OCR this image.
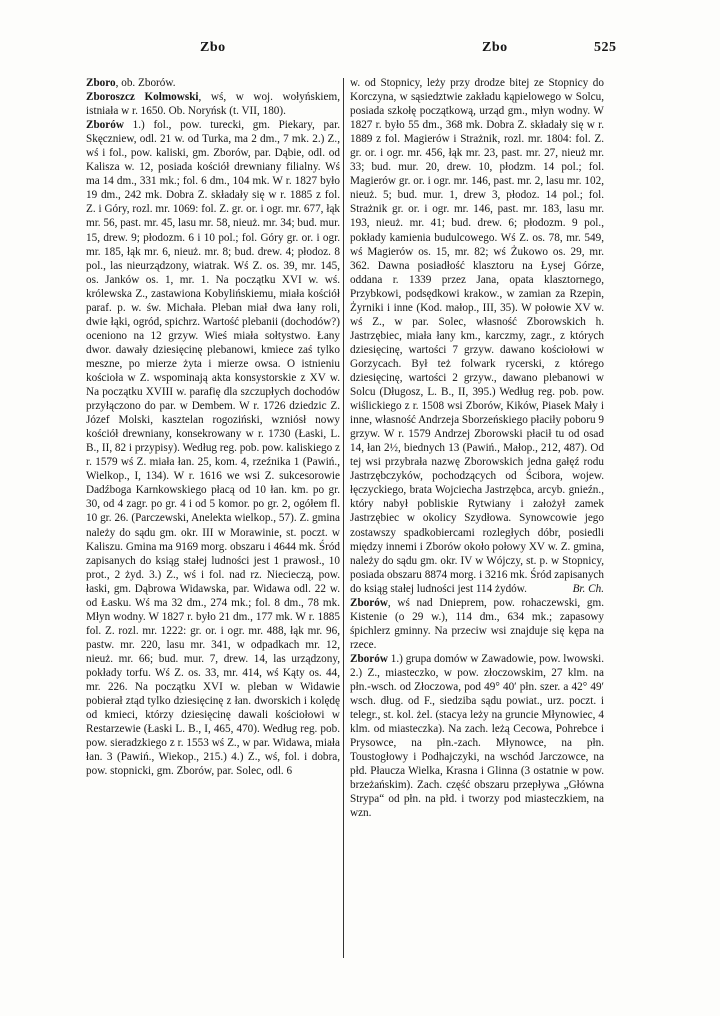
Zbo	Zbo	525

Zboro, ob. Zborów.

Zboroszcz Kolmowski, wś, w woj. wołyńskiem, istniała w r. 1650. Ob. Noryńsk (t. VII, 180).

Zborów 1.) fol., pow. turecki, gm. Piekary, par. Skęczniew, odl. 21 w. od Turka, ma 2 dm., 7 mk. 2.) Z., wś i fol., pow. kaliski, gm. Zborów, par. Dąbie, odl. od Kalisza w. 12, posiada kościół drewniany filialny. Wś ma 14 dm., 331 mk.; fol. 6 dm., 104 mk. W r. 1827 było 19 dm., 242 mk. Dobra Z. składały się w r. 1885 z fol. Z. i Góry, rozl. mr. 1069: fol. Z. gr. or. i ogr. mr. 677, łąk mr. 56, past. mr. 45, lasu mr. 58, nieuż. mr. 34; bud. mur. 15, drew. 9; płodozm. 6 i 10 pol.; fol. Góry gr. or. i ogr. mr. 185, łąk mr. 6, nieuż. mr. 8; bud. drew. 4; płodoz. 8 pol., las nieurządzony, wiatrak. Wś Z. os. 39, mr. 145, os. Janków os. 1, mr. 1. Na początku XVI w. wś. królewska Z., zastawiona Kobylińskiemu, miała kościół paraf. p. w. św. Michała. Pleban miał dwa łany roli, dwie łąki, ogród, spichrz. Wartość plebanii (dochodów?) oceniono na 12 grzyw. Wieś miała sołtystwo. Łany dwor. dawały dziesięcinę plebanowi, kmiece zaś tylko meszne, po mierze żyta i mierze owsa. O istnieniu kościoła w Z. wspominają akta konsystorskie z XV w. Na początku XVIII w. parafię dla szczupłych dochodów przyłączono do par. w Dembem. W r. 1726 dziedzic Z. Józef Molski, kasztelan rogoziński, wzniósł nowy kościół drewniany, konsekrowany w r. 1730 (Łaski, L. B., II, 82 i przypisy). Według reg. pob. pow. kaliskiego z r. 1579 wś Z. miała łan. 25, kom. 4, rzeźnika 1 (Pawiń., Wielkop., I, 134). W r. 1616 we wsi Z. sukcesorowie Dadźboga Karnkowskiego płacą od 10 łan. km. po gr. 30, od 4 zagr. po gr. 4 i od 5 komor. po gr. 2, ogółem fl. 10 gr. 26. (Parczewski, Anelekta wielkop., 57). Z. gmina należy do sądu gm. okr. III w Morawinie, st. poczt. w Kaliszu. Gmina ma 9169 morg. obszaru i 4644 mk. Śród zapisanych do ksiąg stałej ludności jest 1 prawosł., 10 prot., 2 żyd. 3.) Z., wś i fol. nad rz. Niecieczą, pow. łaski, gm. Dąbrowa Widawska, par. Widawa odl. 22 w. od Łasku. Wś ma 32 dm., 274 mk.; fol. 8 dm., 78 mk. Młyn wodny. W 1827 r. było 21 dm., 177 mk. W r. 1885 fol. Z. rozl. mr. 1222: gr. or. i ogr. mr. 488, łąk mr. 96, pastw. mr. 220, lasu mr. 341, w odpadkach mr. 12, nieuż. mr. 66; bud. mur. 7, drew. 14, las urządzony, pokłady torfu. Wś Z. os. 33, mr. 414, wś Kąty os. 44, mr. 226. Na początku XVI w. pleban w Widawie pobierał ztąd tylko dziesięcinę z łan. dworskich i kolędę od kmieci, którzy dziesięcinę dawali kościołowi w Restarzewie (Łaski L. B., I, 465, 470). Według reg. pob. pow. sieradzkiego z r. 1553 wś Z., w par. Widawa, miała łan. 3 (Pawiń., Wiekop., 215.) 4.) Z., wś, fol. i dobra, pow. stopnicki, gm. Zborów, par. Solec, odl. 6

w. od Stopnicy, leży przy drodze bitej ze Stopnicy do Korczyna, w sąsiedztwie zakładu kąpielowego w Solcu, posiada szkołę początkową, urząd gm., młyn wodny. W 1827 r. było 55 dm., 368 mk. Dobra Z. składały się w r. 1889 z fol. Magierów i Strażnik, rozl. mr. 1804: fol. Z. gr. or. i ogr. mr. 456, łąk mr. 23, past. mr. 27, nieuż mr. 33; bud. mur. 20, drew. 10, płodzm. 14 pol.; fol. Magierów gr. or. i ogr. mr. 146, past. mr. 2, lasu mr. 102, nieuż. 5; bud. mur. 1, drew 3, płodoz. 14 pol.; fol. Strażnik gr. or. i ogr. mr. 146, past. mr. 183, lasu mr. 193, nieuż. mr. 41; bud. drew. 6; płodozm. 9 pol., pokłady kamienia budulcowego. Wś Z. os. 78, mr. 549, wś Magierów os. 15, mr. 82; wś Żukowo os. 29, mr. 362. Dawna posiadłość klasztoru na Łysej Górze, oddana r. 1339 przez Jana, opata klasztornego, Przybkowi, podsędkowi krakow., w zamian za Rzepin, Żyrniki i inne (Kod. małop., III, 35). W połowie XV w. wś Z., w par. Solec, własność Zborowskich h. Jastrzębiec, miała łany km., karczmy, zagr., z których dziesięcinę, wartości 7 grzyw. dawano kościołowi w Gorzycach. Był też folwark rycerski, z którego dziesięcinę, wartości 2 grzyw., dawano plebanowi w Solcu (Długosz, L. B., II, 395.) Według reg. pob. pow. wiślickiego z r. 1508 wsi Zborów, Kików, Piasek Mały i inne, własność Andrzeja Sborzeńskiego płaciły poboru 9 grzyw. W r. 1579 Andrzej Zborowski płacił tu od osad 14, łan 2½, biednych 13 (Pawiń., Małop., 212, 487). Od tej wsi przybrała nazwę Zborowskich jedna gałęź rodu Jastrzębczyków, pochodzących od Ścibora, wojew. łęczyckiego, brata Wojciecha Jastrzębca, arcyb. gnieźn., który nabył pobliskie Rytwiany i założył zamek Jastrzębiec w okolicy Szydłowa. Synowcowie jego zostawszy spadkobiercami rozległych dóbr, posiedli między innemi i Zborów około połowy XV w. Z. gmina, należy do sądu gm. okr. IV w Wójczy, st. p. w Stopnicy, posiada obszaru 8874 morg. i 3216 mk. Śród zapisanych do ksiąg stałej ludności jest 114 żydów.	Br. Ch.

Zborów, wś nad Dnieprem, pow. rohaczewski, gm. Kistenie (o 29 w.), 114 dm., 634 mk.; zapasowy śpichlerz gminny. Na przeciw wsi znajduje się kępa na rzece.

Zborów 1.) grupa domów w Zawadowie, pow. lwowski. 2.) Z., miasteczko, w pow. złoczowskim, 27 klm. na płn.-wsch. od Złoczowa, pod 49° 40′ płn. szer. a 42° 49′ wsch. dług. od F., siedziba sądu powiat., urz. poczt. i telegr., st. kol. żel. (stacya leży na gruncie Młynowiec, 4 klm. od miasteczka). Na zach. leżą Cecowa, Pohrebce i Prysowce, na płn.-zach. Młynowce, na płn. Toustogłowy i Podhajczyki, na wschód Jarczowce, na płd. Płaucza Wielka, Krasna i Glinna (3 ostatnie w pow. brzeżańskim). Zach. część obszaru przepływa „Główna Strypa“ od płn. na płd. i tworzy pod miasteczkiem, na wzn.
